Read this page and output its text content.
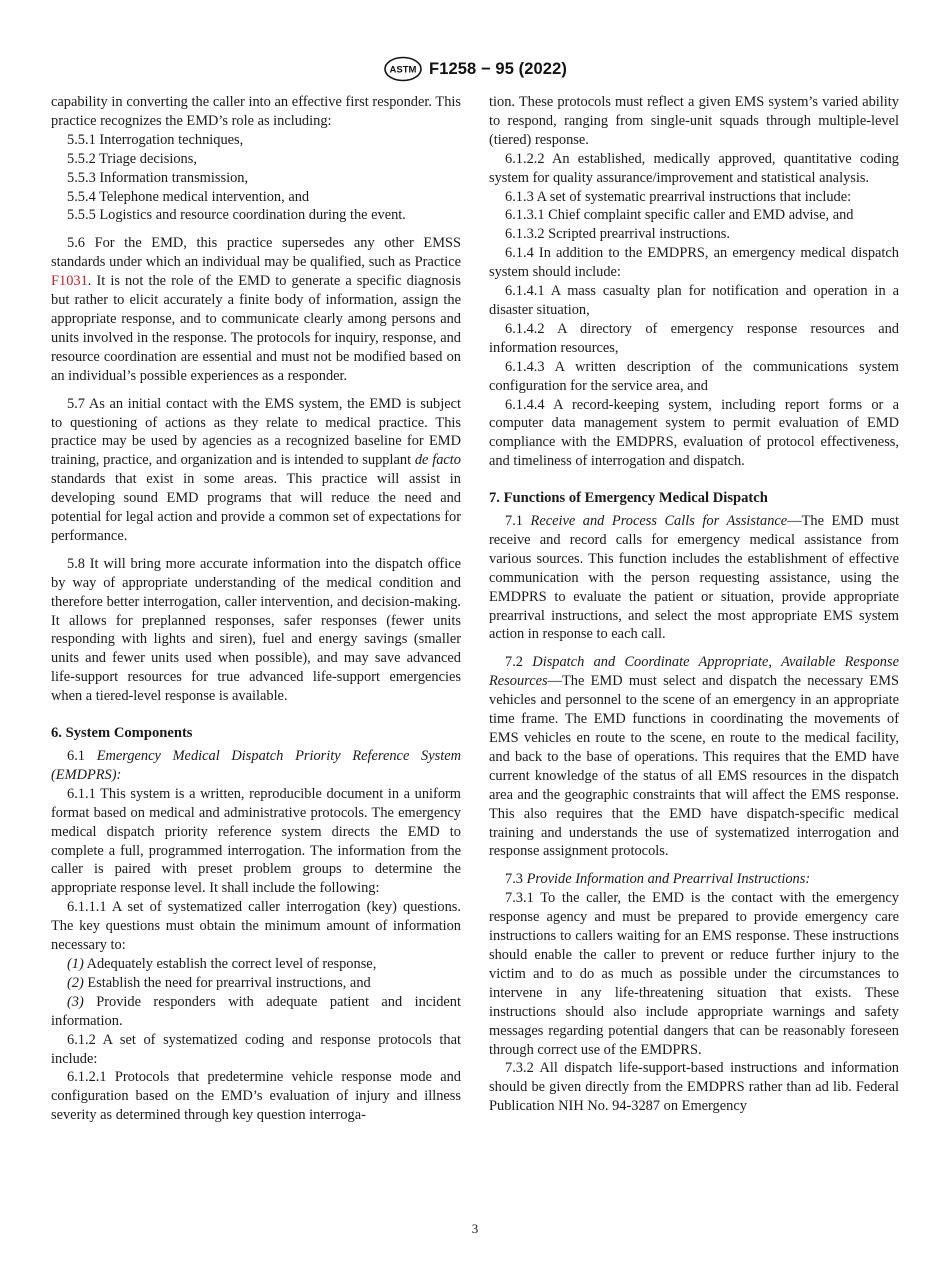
ASTM F1258 − 95 (2022)

capability in converting the caller into an effective first responder. This practice recognizes the EMD’s role as including:

5.5.1 Interrogation techniques,

5.5.2 Triage decisions,

5.5.3 Information transmission,

5.5.4 Telephone medical intervention, and

5.5.5 Logistics and resource coordination during the event.

5.6 For the EMD, this practice supersedes any other EMSS standards under which an individual may be qualified, such as Practice F1031. It is not the role of the EMD to generate a specific diagnosis but rather to elicit accurately a finite body of information, assign the appropriate response, and to communicate clearly among persons and units involved in the response. The protocols for inquiry, response, and resource coordination are essential and must not be modified based on an individual’s possible experiences as a responder.

5.7 As an initial contact with the EMS system, the EMD is subject to questioning of actions as they relate to medical practice. This practice may be used by agencies as a recognized baseline for EMD training, practice, and organization and is intended to supplant de facto standards that exist in some areas. This practice will assist in developing sound EMD programs that will reduce the need and potential for legal action and provide a common set of expectations for performance.

5.8 It will bring more accurate information into the dispatch office by way of appropriate understanding of the medical condition and therefore better interrogation, caller intervention, and decision-making. It allows for preplanned responses, safer responses (fewer units responding with lights and siren), fuel and energy savings (smaller units and fewer units used when possible), and may save advanced life-support resources for true advanced life-support emergencies when a tiered-level response is available.

6. System Components

6.1 Emergency Medical Dispatch Priority Reference System (EMDPRS):

6.1.1 This system is a written, reproducible document in a uniform format based on medical and administrative protocols. The emergency medical dispatch priority reference system directs the EMD to complete a full, programmed interrogation. The information from the caller is paired with preset problem groups to determine the appropriate response level. It shall include the following:

6.1.1.1 A set of systematized caller interrogation (key) questions. The key questions must obtain the minimum amount of information necessary to:

(1) Adequately establish the correct level of response,

(2) Establish the need for prearrival instructions, and

(3) Provide responders with adequate patient and incident information.

6.1.2 A set of systematized coding and response protocols that include:

6.1.2.1 Protocols that predetermine vehicle response mode and configuration based on the EMD’s evaluation of injury and illness severity as determined through key question interroga-

tion. These protocols must reflect a given EMS system’s varied ability to respond, ranging from single-unit squads through multiple-level (tiered) response.

6.1.2.2 An established, medically approved, quantitative coding system for quality assurance/improvement and statistical analysis.

6.1.3 A set of systematic prearrival instructions that include:

6.1.3.1 Chief complaint specific caller and EMD advise, and

6.1.3.2 Scripted prearrival instructions.

6.1.4 In addition to the EMDPRS, an emergency medical dispatch system should include:

6.1.4.1 A mass casualty plan for notification and operation in a disaster situation,

6.1.4.2 A directory of emergency response resources and information resources,

6.1.4.3 A written description of the communications system configuration for the service area, and

6.1.4.4 A record-keeping system, including report forms or a computer data management system to permit evaluation of EMD compliance with the EMDPRS, evaluation of protocol effectiveness, and timeliness of interrogation and dispatch.

7. Functions of Emergency Medical Dispatch

7.1 Receive and Process Calls for Assistance—The EMD must receive and record calls for emergency medical assistance from various sources. This function includes the establishment of effective communication with the person requesting assistance, using the EMDPRS to evaluate the patient or situation, provide appropriate prearrival instructions, and select the most appropriate EMS system action in response to each call.

7.2 Dispatch and Coordinate Appropriate, Available Response Resources—The EMD must select and dispatch the necessary EMS vehicles and personnel to the scene of an emergency in an appropriate time frame. The EMD functions in coordinating the movements of EMS vehicles en route to the scene, en route to the medical facility, and back to the base of operations. This requires that the EMD have current knowledge of the status of all EMS resources in the dispatch area and the geographic constraints that will affect the EMS response. This also requires that the EMD have dispatch-specific medical training and understands the use of systematized interrogation and response assignment protocols.

7.3 Provide Information and Prearrival Instructions:

7.3.1 To the caller, the EMD is the contact with the emergency response agency and must be prepared to provide emergency care instructions to callers waiting for an EMS response. These instructions should enable the caller to prevent or reduce further injury to the victim and to do as much as possible under the circumstances to intervene in any life-threatening situation that exists. These instructions should also include appropriate warnings and safety messages regarding potential dangers that can be reasonably foreseen through correct use of the EMDPRS.

7.3.2 All dispatch life-support-based instructions and information should be given directly from the EMDPRS rather than ad lib. Federal Publication NIH No. 94-3287 on Emergency

3
